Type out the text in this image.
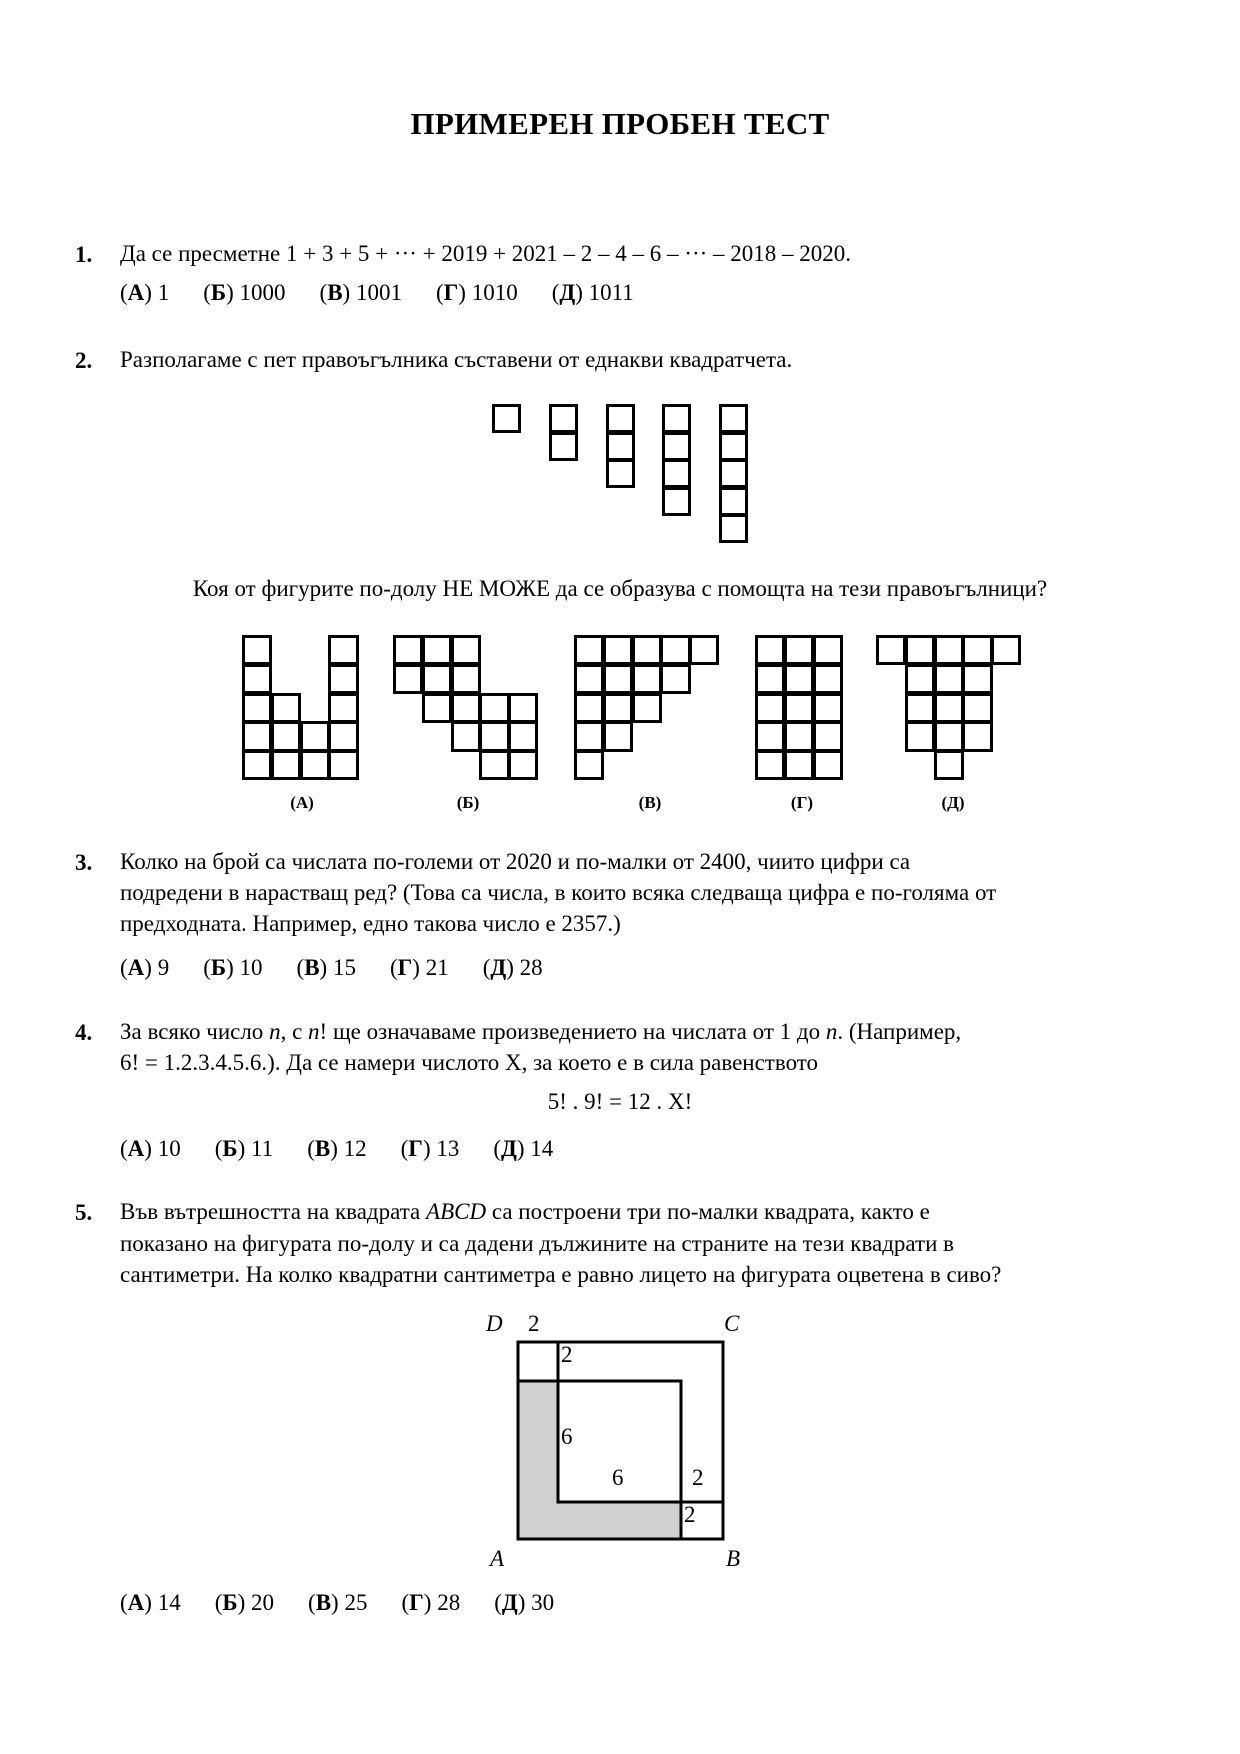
ПРИМЕРЕН ПРОБЕН ТЕСТ
1. Да се пресметне 1 + 3 + 5 + ··· + 2019 + 2021 – 2 – 4 – 6 – ··· – 2018 – 2020.
(А) 1 (Б) 1000 (В) 1001 (Г) 1010 (Д) 1011
2. Разполагаме с пет правоъгълника съставени от еднакви квадратчета.
Коя от фигурите по-долу НЕ МОЖЕ да се образува с помощта на тези правоъгълници?
(А)	(Б)	(В)	(Г)	(Д)
3. Колко на брой са числата по-големи от 2020 и по-малки от 2400, чиито цифри са
подредени в нарастващ ред? (Това са числа, в които всяка следваща цифра е по-голяма от
предходната. Например, едно такова число е 2357.)
(А) 9 (Б) 10 (В) 15 (Г) 21 (Д) 28
4. За всяко число n, с n! ще означаваме произведението на числата от 1 до n. (Например,
6! = 1.2.3.4.5.6.). Да се намери числото Х, за което е в сила равенството
5! . 9! = 12 . X!
(А) 10 (Б) 11 (В) 12 (Г) 13 (Д) 14
5. Във вътрешността на квадрата ABCD са построени три по-малки квадрата, както е
показано на фигурата по-долу и са дадени дължините на страните на тези квадрати в
сантиметри. На колко квадратни сантиметра е равно лицето на фигурата оцветена в сиво?
D 2	C
2
6
6	2
2
A	B
(А) 14 (Б) 20 (В) 25 (Г) 28 (Д) 30
